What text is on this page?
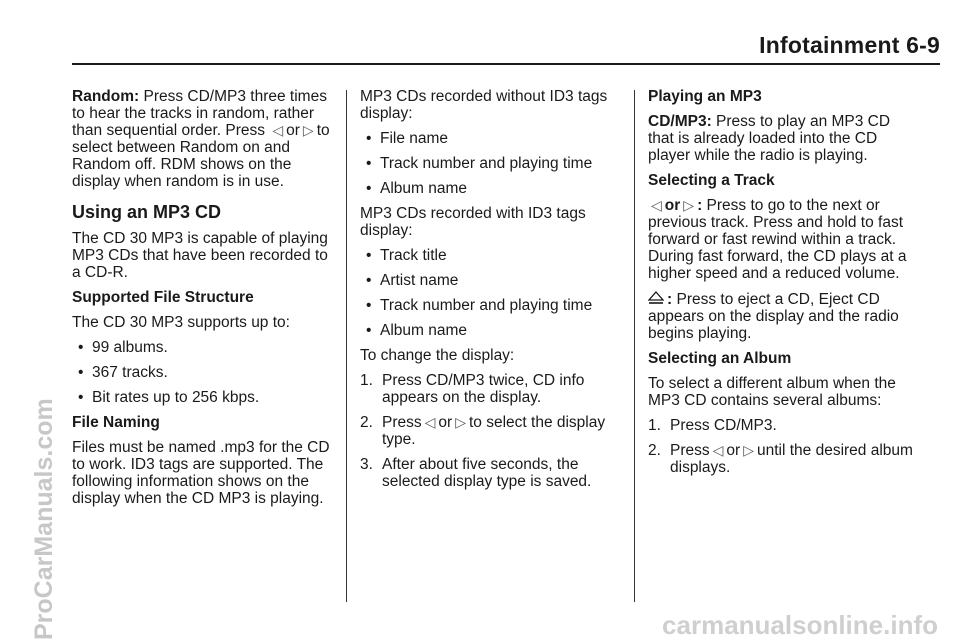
Infotainment 6-9

Random: Press CD/MP3 three times to hear the tracks in random, rather than sequential order. Press ◁ or ▷ to select between Random on and Random off. RDM shows on the display when random is in use.

Using an MP3 CD

The CD 30 MP3 is capable of playing MP3 CDs that have been recorded to a CD-R.

Supported File Structure

The CD 30 MP3 supports up to:

• 99 albums.
• 367 tracks.
• Bit rates up to 256 kbps.

File Naming

Files must be named .mp3 for the CD to work. ID3 tags are supported. The following information shows on the display when the CD MP3 is playing.

MP3 CDs recorded without ID3 tags display:

• File name
• Track number and playing time
• Album name

MP3 CDs recorded with ID3 tags display:

• Track title
• Artist name
• Track number and playing time
• Album name

To change the display:

1. Press CD/MP3 twice, CD info appears on the display.
2. Press ◁ or ▷ to select the display type.
3. After about five seconds, the selected display type is saved.

Playing an MP3

CD/MP3: Press to play an MP3 CD that is already loaded into the CD player while the radio is playing.

Selecting a Track

◁ or ▷ : Press to go to the next or previous track. Press and hold to fast forward or fast rewind within a track. During fast forward, the CD plays at a higher speed and a reduced volume.

: Press to eject a CD, Eject CD appears on the display and the radio begins playing.

Selecting an Album

To select a different album when the MP3 CD contains several albums:

1. Press CD/MP3.
2. Press ◁ or ▷ until the desired album displays.
ProCarManuals.com	carmanualsonline.info
